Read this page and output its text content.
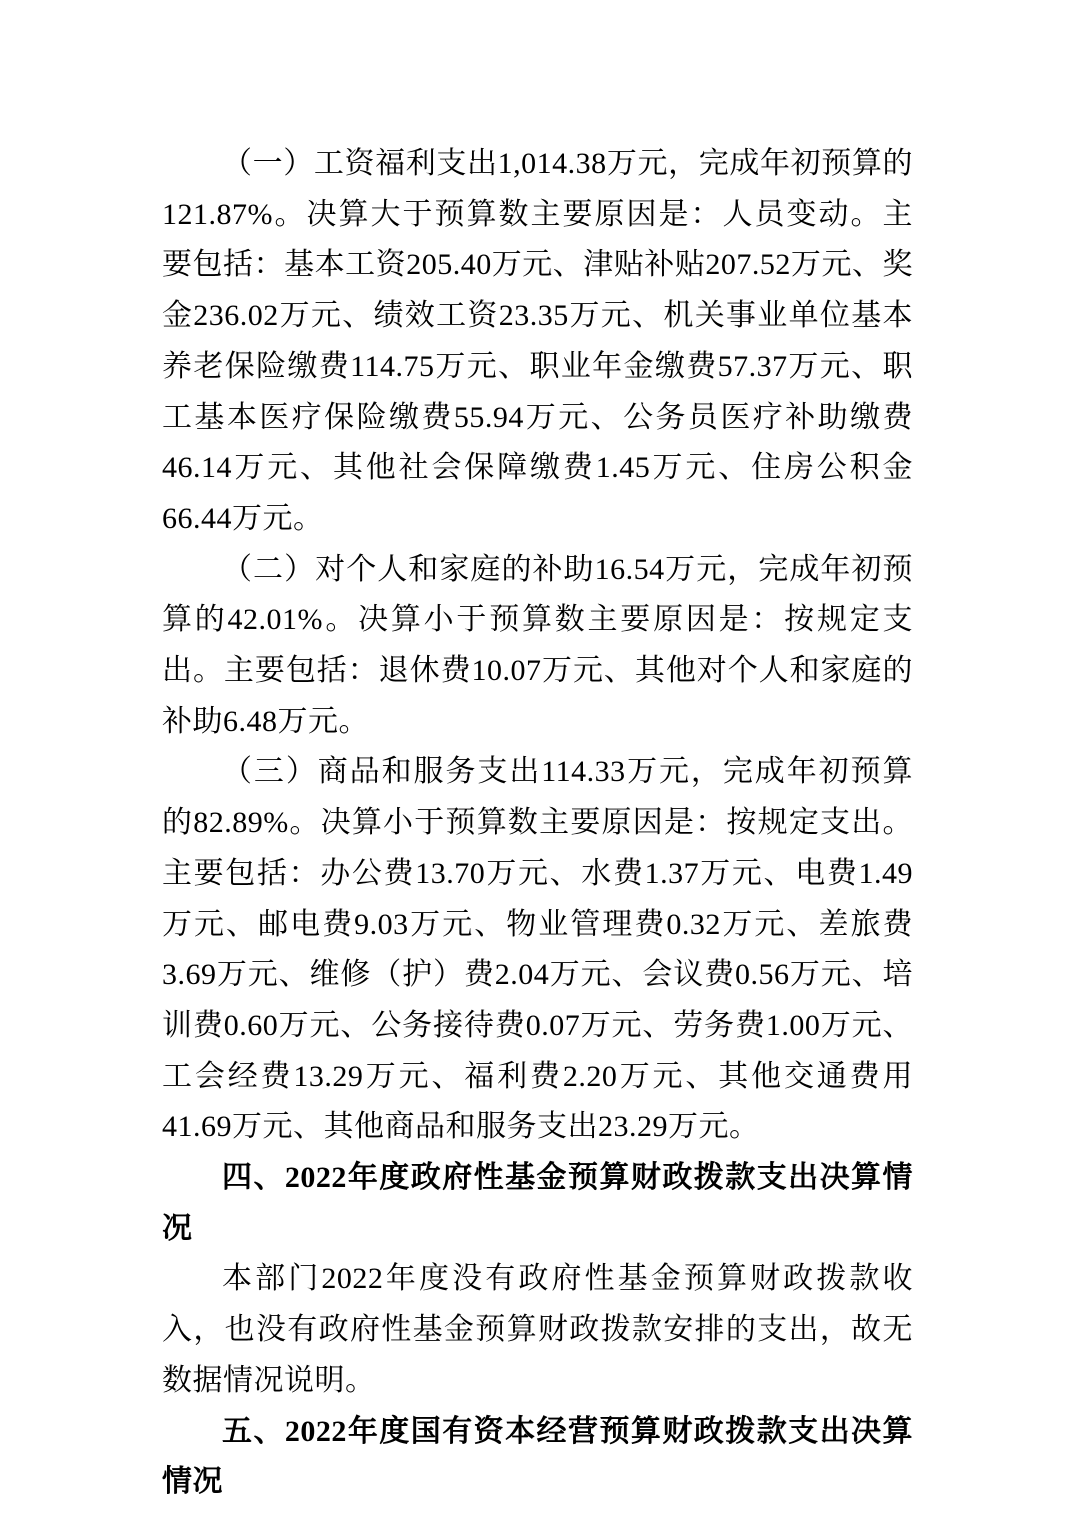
（一）工资福利支出1,014.38万元，完成年初预算的121.87%。决算大于预算数主要原因是：人员变动。主要包括：基本工资205.40万元、津贴补贴207.52万元、奖金236.02万元、绩效工资23.35万元、机关事业单位基本养老保险缴费114.75万元、职业年金缴费57.37万元、职工基本医疗保险缴费55.94万元、公务员医疗补助缴费46.14万元、其他社会保障缴费1.45万元、住房公积金66.44万元。

（二）对个人和家庭的补助16.54万元，完成年初预算的42.01%。决算小于预算数主要原因是：按规定支出。主要包括：退休费10.07万元、其他对个人和家庭的补助6.48万元。

（三）商品和服务支出114.33万元，完成年初预算的82.89%。决算小于预算数主要原因是：按规定支出。主要包括：办公费13.70万元、水费1.37万元、电费1.49万元、邮电费9.03万元、物业管理费0.32万元、差旅费3.69万元、维修（护）费2.04万元、会议费0.56万元、培训费0.60万元、公务接待费0.07万元、劳务费1.00万元、工会经费13.29万元、福利费2.20万元、其他交通费用41.69万元、其他商品和服务支出23.29万元。

四、2022年度政府性基金预算财政拨款支出决算情况

本部门2022年度没有政府性基金预算财政拨款收入，也没有政府性基金预算财政拨款安排的支出，故无数据情况说明。

五、2022年度国有资本经营预算财政拨款支出决算情况
